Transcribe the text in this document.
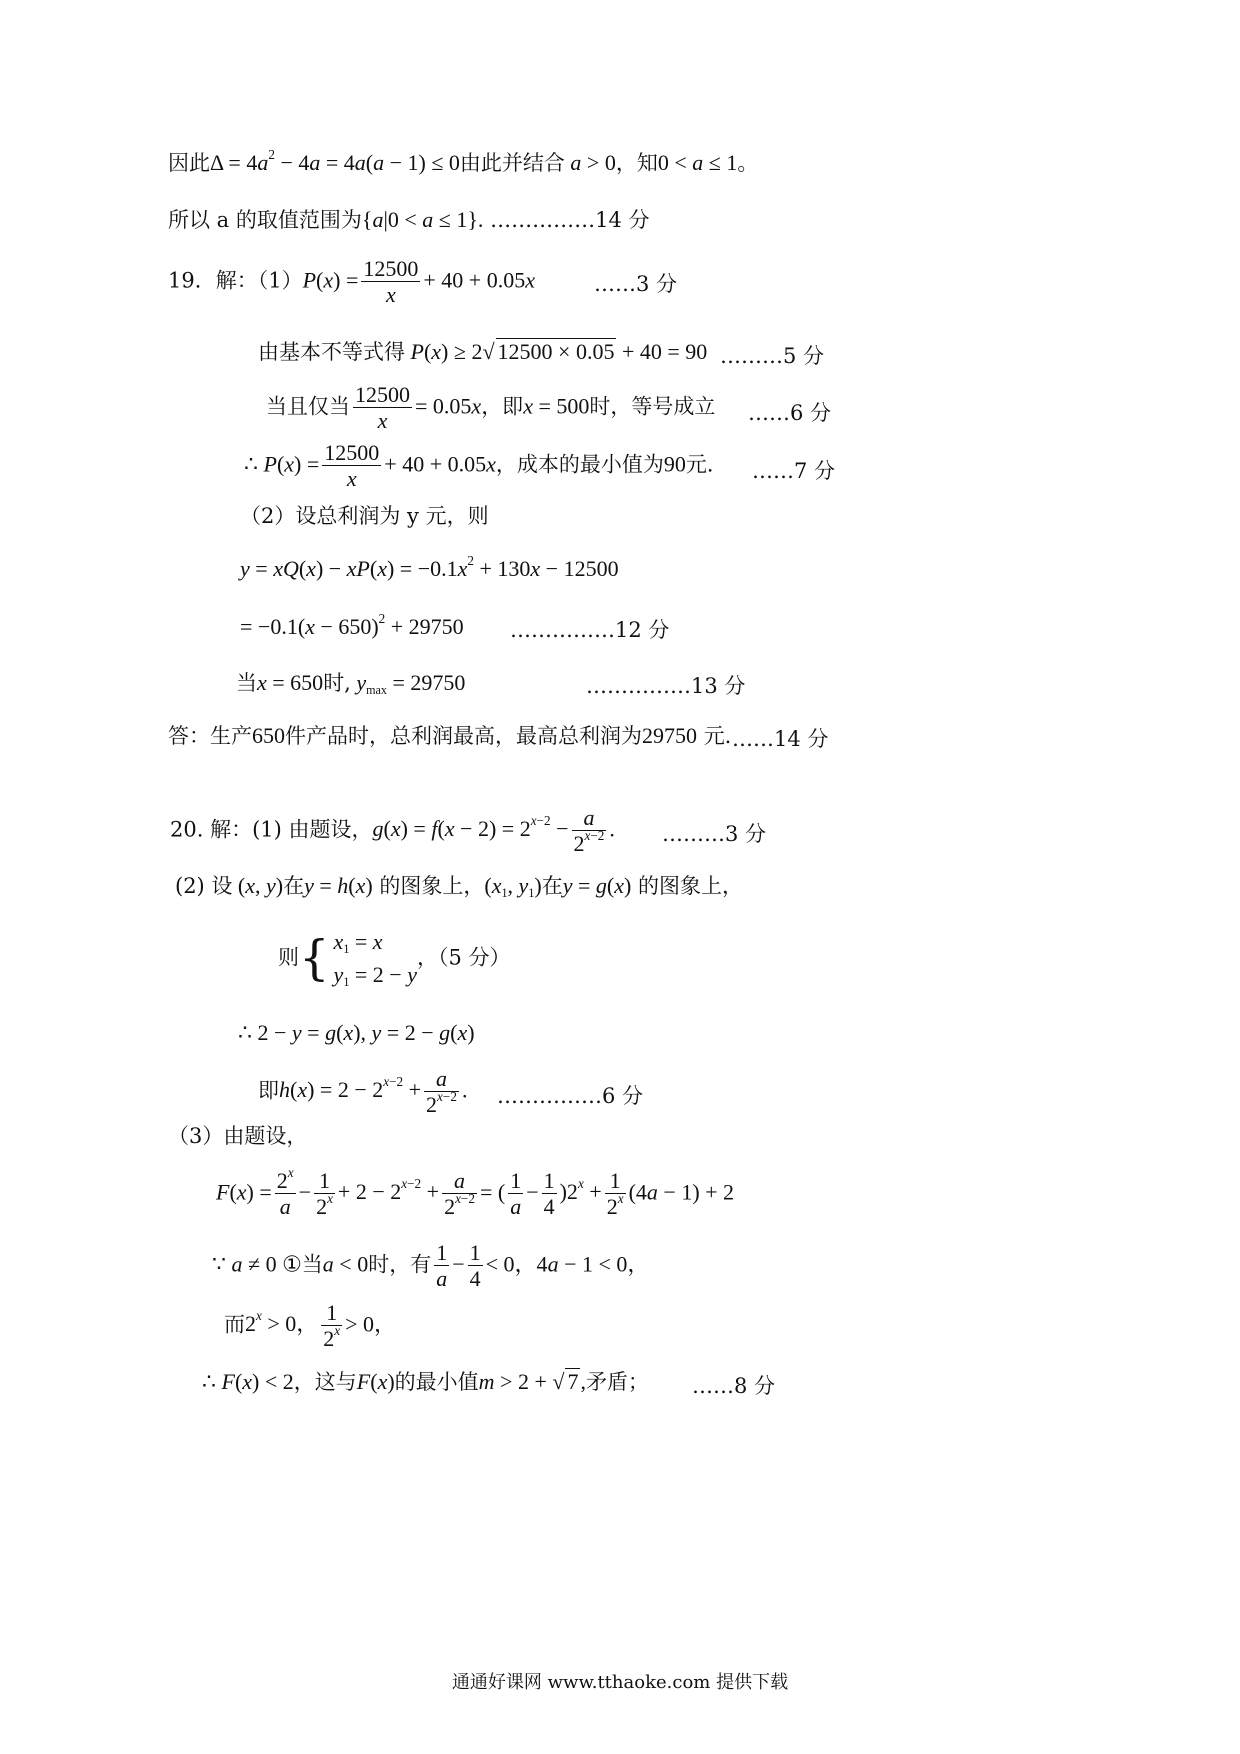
因此$\Delta = 4a^2 - 4a = 4a(a - 1) \le 0$由此并结合 a > 0，知0 < a ≤ 1。
所以 a 的取值范围为{a|0 < a ≤ 1}. ……………14 分
19．解：$(1)P(x) = \frac{12500}{x} + 40 + 0.05x$	……3 分
由基本不等式得 P(x) ≥ 2√ 12500 × 0.05 + 40 = 90 ………5 分
当且仅当 $\frac{12500}{x} = 0.05x$，即x = 500时，等号成立 ……6 分
∴ $P(x) = \frac{12500}{x} + 40 + 0.05x$，成本的最小值为90元． ……7 分
（2）设总利润为 y 元，则
$y = xQ(x) - xP(x) = -0.1x^2 + 130x - 12500$
= $-0.1(x - 650)^2 + 29750$ ……………12 分
当x = 650时, $y_{max} = 29750$	……………13 分
答：生产650件产品时，总利润最高，最高总利润为29750 元. ……14 分
20. 解：(1) 由题设，$g(x) = f(x - 2) = 2^{x-2} - \frac{a}{2^{x-2}}$ . ………3 分
(2) 设 (x, y)在y = h(x) 的图象上，($x_1$, $y_1$)在y = g(x) 的图象上，
则{ $x_1 = x$
$y_1 = 2 - y$
，（5 分）
∴ 2 − y = g(x), y = 2 − g(x)
即$h(x) = 2 - 2^{x-2} + \frac{a}{2^{x-2}}$ . ……………6 分
（3）由题设，
$F(x) = \frac{2^x}{a} - \frac{1}{2^x} + 2 - 2^{x-2} + \frac{a}{2^{x-2}}$ = ( $\frac{1}{a} - \frac{1}{4} )2^x + \frac{1}{2^x} (4a - 1) + 2$
∵ a ≠ 0 ①当a < 0时，有 $\frac{1}{a} - \frac{1}{4} < 0$，4a − 1 < 0，
而$2^x > 0$， $\frac{1}{2^x} > 0$，
∴ F(x) < 2，这与F(x)的最小值m > 2 + √ 7,矛盾； ……8 分
通通好课网 www.tthaoke.com 提供下载
